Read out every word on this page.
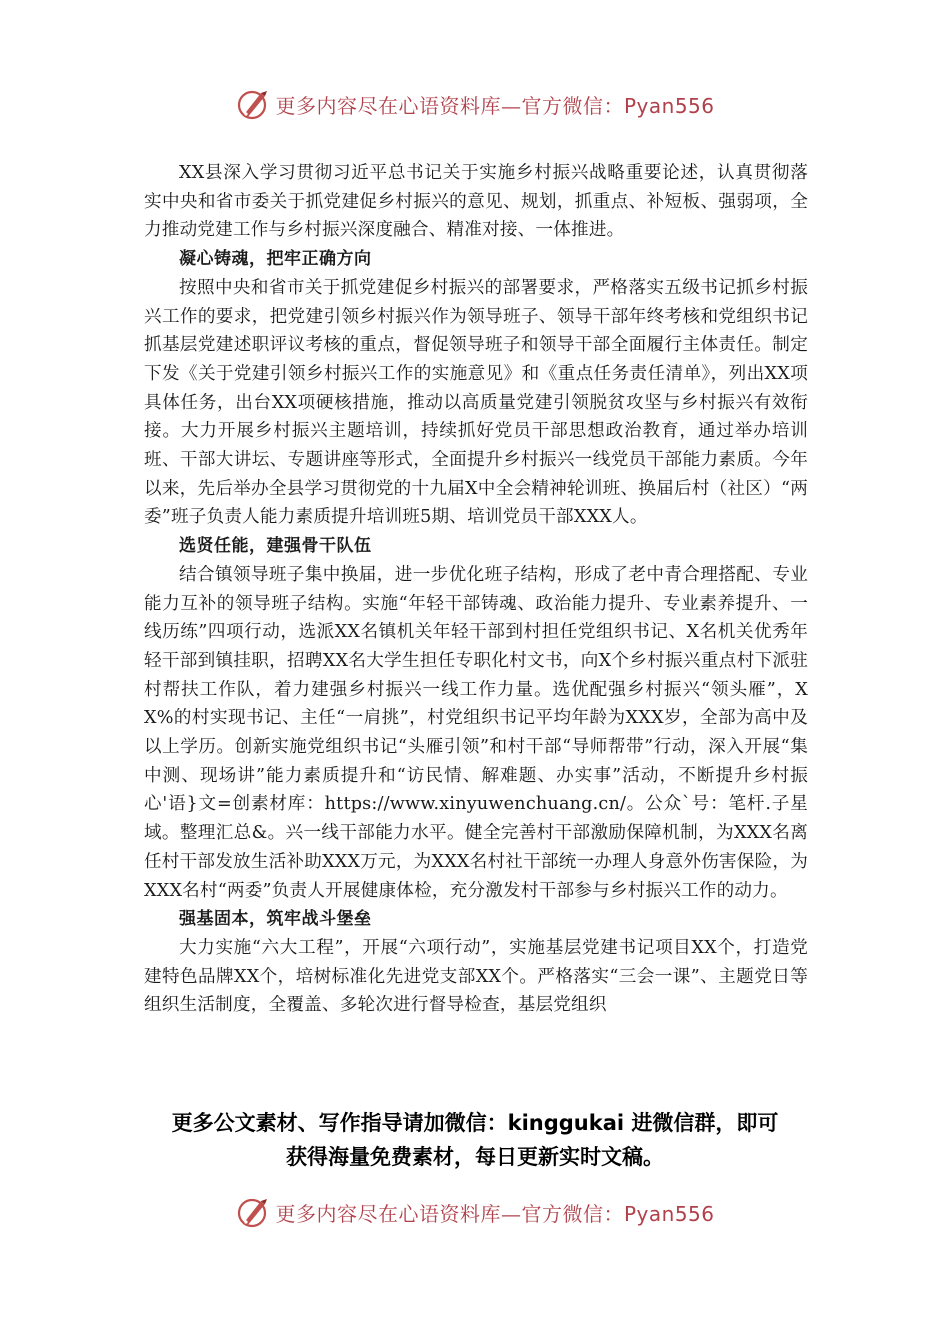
更多内容尽在心语资料库—官方微信：Pyan556

XX县深入学习贯彻习近平总书记关于实施乡村振兴战略重要论述，认真贯彻落实中央和省市委关于抓党建促乡村振兴的意见、规划，抓重点、补短板、强弱项，全力推动党建工作与乡村振兴深度融合、精准对接、一体推进。

凝心铸魂，把牢正确方向

按照中央和省市关于抓党建促乡村振兴的部署要求，严格落实五级书记抓乡村振兴工作的要求，把党建引领乡村振兴作为领导班子、领导干部年终考核和党组织书记抓基层党建述职评议考核的重点，督促领导班子和领导干部全面履行主体责任。制定下发《关于党建引领乡村振兴工作的实施意见》和《重点任务责任清单》，列出XX项具体任务，出台XX项硬核措施，推动以高质量党建引领脱贫攻坚与乡村振兴有效衔接。大力开展乡村振兴主题培训，持续抓好党员干部思想政治教育，通过举办培训班、干部大讲坛、专题讲座等形式，全面提升乡村振兴一线党员干部能力素质。今年以来，先后举办全县学习贯彻党的十九届X中全会精神轮训班、换届后村（社区）“两委”班子负责人能力素质提升培训班5期、培训党员干部XXX人。

选贤任能，建强骨干队伍

结合镇领导班子集中换届，进一步优化班子结构，形成了老中青合理搭配、专业能力互补的领导班子结构。实施“年轻干部铸魂、政治能力提升、专业素养提升、一线历练”四项行动，选派XX名镇机关年轻干部到村担任党组织书记、X名机关优秀年轻干部到镇挂职，招聘XX名大学生担任专职化村文书，向X个乡村振兴重点村下派驻村帮扶工作队，着力建强乡村振兴一线工作力量。选优配强乡村振兴“领头雁”，XX%的村实现书记、主任“一肩挑”，村党组织书记平均年龄为XXX岁，全部为高中及以上学历。创新实施党组织书记“头雁引领”和村干部“导师帮带”行动，深入开展“集中测、现场讲”能力素质提升和“访民情、解难题、办实事”活动，不断提升乡村振心'语}文=创素材库：https://www.xinyuwenchuang.cn/。公众`号：笔杆.子星域。整理汇总&。兴一线干部能力水平。健全完善村干部激励保障机制，为XXX名离任村干部发放生活补助XXX万元，为XXX名村社干部统一办理人身意外伤害保险，为XXX名村“两委”负责人开展健康体检，充分激发村干部参与乡村振兴工作的动力。

强基固本，筑牢战斗堡垒

大力实施“六大工程”，开展“六项行动”，实施基层党建书记项目XX个，打造党建特色品牌XX个，培树标准化先进党支部XX个。严格落实“三会一课”、主题党日等组织生活制度，全覆盖、多轮次进行督导检查，基层党组织

更多公文素材、写作指导请加微信：kinggukai 进微信群，即可
获得海量免费素材，每日更新实时文稿。
更多内容尽在心语资料库—官方微信：Pyan556
